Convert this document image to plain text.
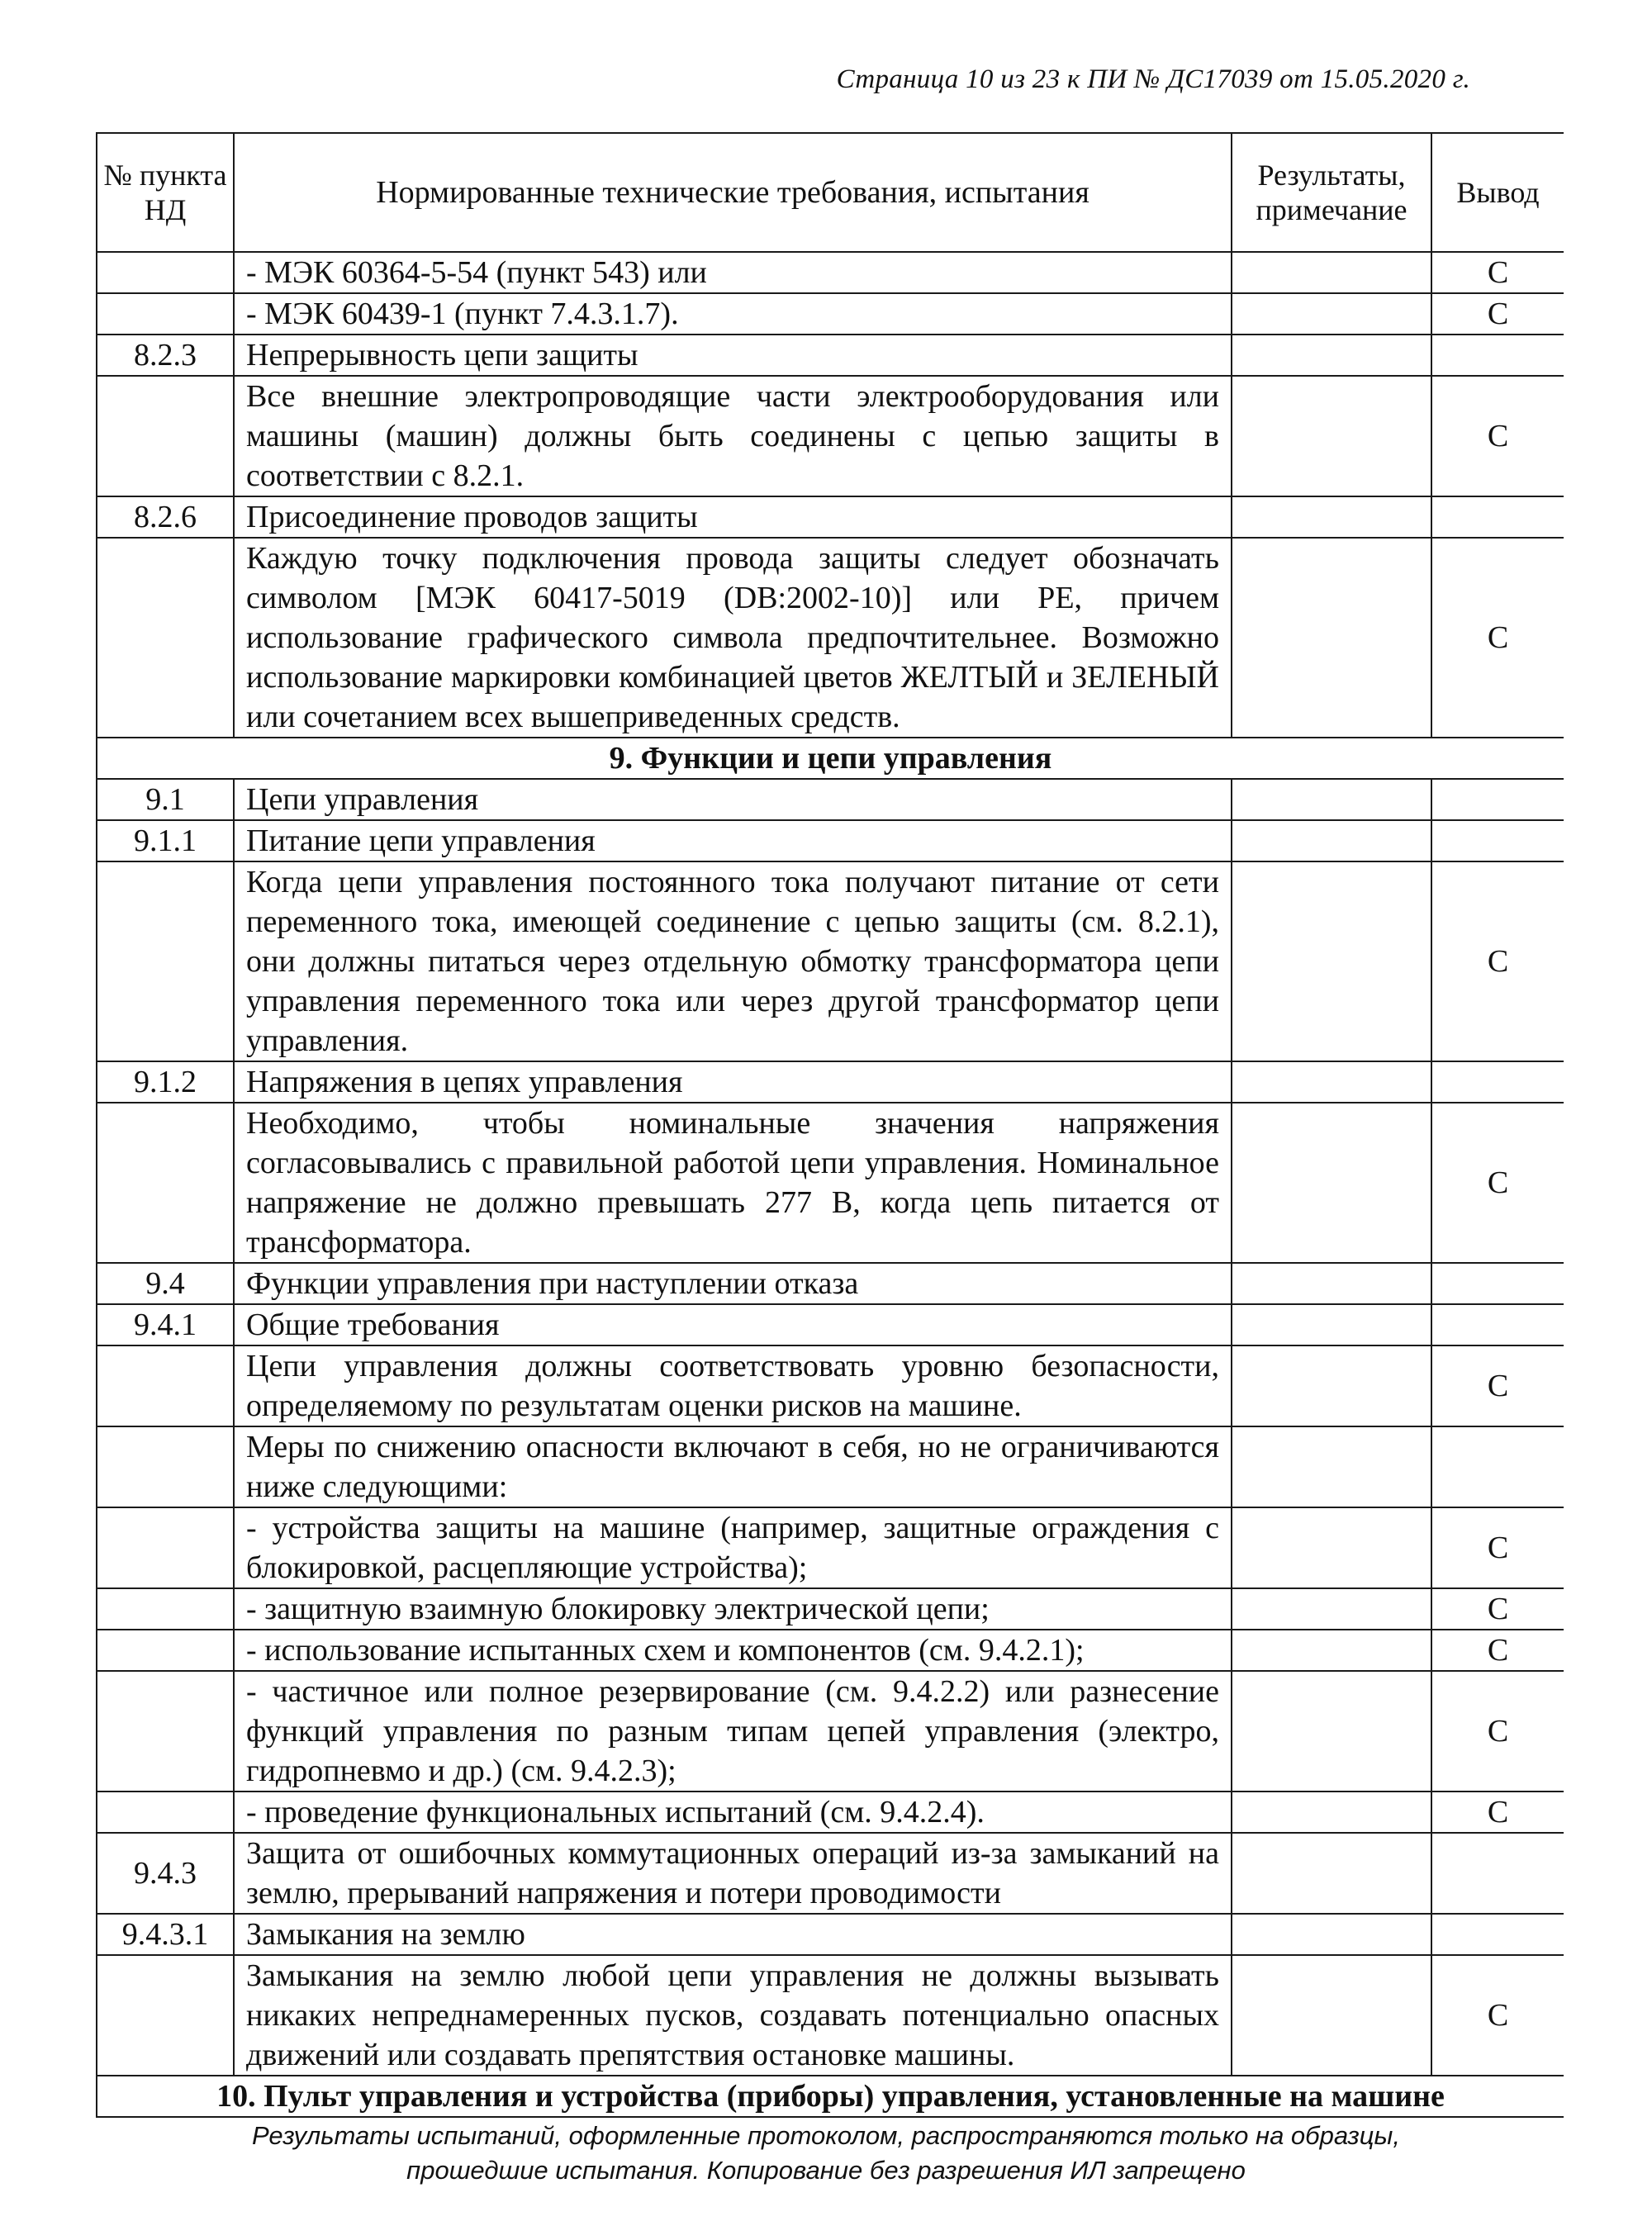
Страница 10 из 23 к ПИ № ДС17039 от 15.05.2020 г.
№ пункта НД	Нормированные технические требования, испытания	Результаты, примечание	Вывод
	- МЭК 60364-5-54 (пункт 543) или		С
	- МЭК 60439-1 (пункт 7.4.3.1.7).		С
8.2.3	Непрерывность цепи защиты		
	Все внешние электропроводящие части электрооборудования или машины (машин) должны быть соединены с цепью защиты в соответствии с 8.2.1.		С
8.2.6	Присоединение проводов защиты		
	Каждую точку подключения провода защиты следует обозначать символом [МЭК 60417-5019 (DB:2002-10)] или РЕ, причем использование графического символа предпочтительнее. Возможно использование маркировки комбинацией цветов ЖЕЛТЫЙ и ЗЕЛЕНЫЙ или сочетанием всех вышеприведенных средств.		С
9. Функции и цепи управления			
9.1	Цепи управления		
9.1.1	Питание цепи управления		
	Когда цепи управления постоянного тока получают питание от сети переменного тока, имеющей соединение с цепью защиты (см. 8.2.1), они должны питаться через отдельную обмотку трансформатора цепи управления переменного тока или через другой трансформатор цепи управления.		С
9.1.2	Напряжения в цепях управления		
	Необходимо, чтобы номинальные значения напряжения согласовывались с правильной работой цепи управления. Номинальное напряжение не должно превышать 277 В, когда цепь питается от трансформатора.		С
9.4	Функции управления при наступлении отказа		
9.4.1	Общие требования		
	Цепи управления должны соответствовать уровню безопасности, определяемому по результатам оценки рисков на машине.		С
	Меры по снижению опасности включают в себя, но не ограничиваются ниже следующими:		
	- устройства защиты на машине (например, защитные ограждения с блокировкой, расцепляющие устройства);		С
	- защитную взаимную блокировку электрической цепи;		С
	- использование испытанных схем и компонентов (см. 9.4.2.1);		С
	- частичное или полное резервирование (см. 9.4.2.2) или разнесение функций управления по разным типам цепей управления (электро, гидропневмо и др.) (см. 9.4.2.3);		С
	- проведение функциональных испытаний (см. 9.4.2.4).		С
9.4.3	Защита от ошибочных коммутационных операций из-за замыканий на землю, прерываний напряжения и потери проводимости		
9.4.3.1	Замыкания на землю		
	Замыкания на землю любой цепи управления не должны вызывать никаких непреднамеренных пусков, создавать потенциально опасных движений или создавать препятствия остановке машины.		С
10. Пульт управления и устройства (приборы) управления, установленные на машине			
Результаты испытаний, оформленные протоколом, распространяются только на образцы,
прошедшие испытания. Копирование без разрешения ИЛ запрещено
